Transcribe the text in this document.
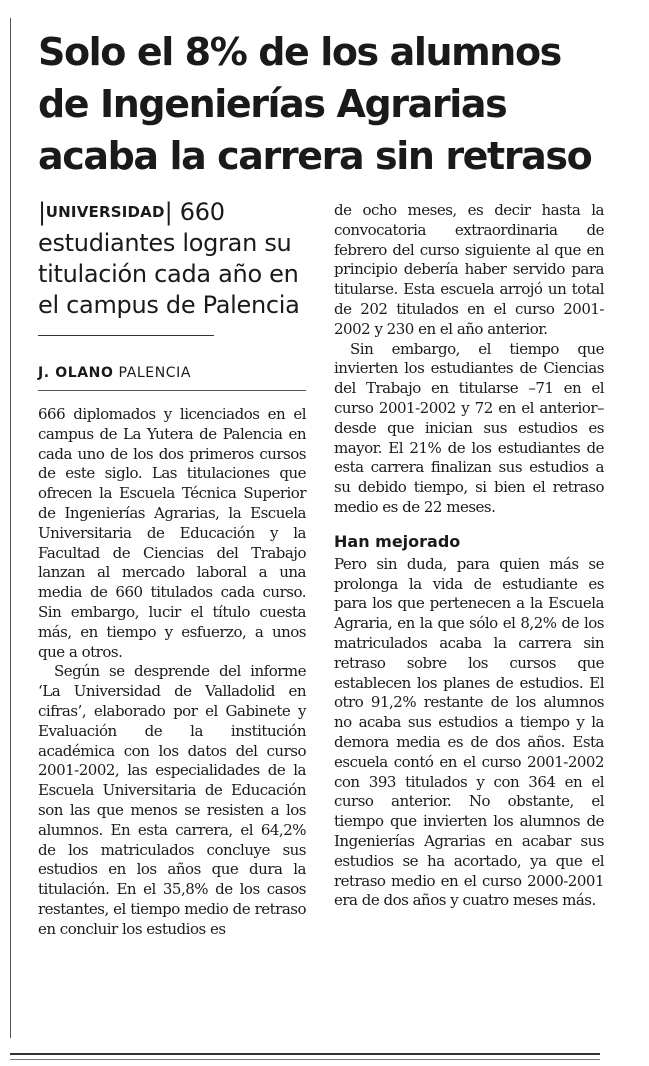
Solo el 8% de los alumnos
de Ingenierías Agrarias
acaba la carrera sin retraso
|UNIVERSIDAD| 660 estudiantes logran su titulación cada año en el campus de Palencia
J. OLANO PALENCIA

666 diplomados y licenciados en el campus de La Yutera de Palencia en cada uno de los dos primeros cursos de este siglo. Las titulaciones que ofrecen la Escuela Técnica Superior de Ingenierías Agrarias, la Escuela Universitaria de Educación y la Facultad de Ciencias del Trabajo lanzan al mercado laboral a una media de 660 titulados cada curso. Sin embargo, lucir el título cuesta más, en tiempo y esfuerzo, a unos que a otros.

Según se desprende del informe ‘La Universidad de Valladolid en cifras’, elaborado por el Gabinete y Evaluación de la institución académica con los datos del curso 2001-2002, las especialidades de la Escuela Universitaria de Educación son las que menos se resisten a los alumnos. En esta carrera, el 64,2% de los matriculados concluye sus estudios en los años que dura la titulación. En el 35,8% de los casos restantes, el tiempo medio de retraso en concluir los estudios es

de ocho meses, es decir hasta la convocatoria extraordinaria de febrero del curso siguiente al que en principio debería haber servido para titularse. Esta escuela arrojó un total de 202 titulados en el curso 2001-2002 y 230 en el año anterior.

Sin embargo, el tiempo que invierten los estudiantes de Ciencias del Trabajo en titularse –71 en el curso 2001-2002 y 72 en el anterior– desde que inician sus estudios es mayor. El 21% de los estudiantes de esta carrera finalizan sus estudios a su debido tiempo, si bien el retraso medio es de 22 meses.

Han mejorado

Pero sin duda, para quien más se prolonga la vida de estudiante es para los que pertenecen a la Escuela Agraria, en la que sólo el 8,2% de los matriculados acaba la carrera sin retraso sobre los cursos que establecen los planes de estudios. El otro 91,2% restante de los alumnos no acaba sus estudios a tiempo y la demora media es de dos años. Esta escuela contó en el curso 2001-2002 con 393 titulados y con 364 en el curso anterior. No obstante, el tiempo que invierten los alumnos de Ingenierías Agrarias en acabar sus estudios se ha acortado, ya que el retraso medio en el curso 2000-2001 era de dos años y cuatro meses más.
